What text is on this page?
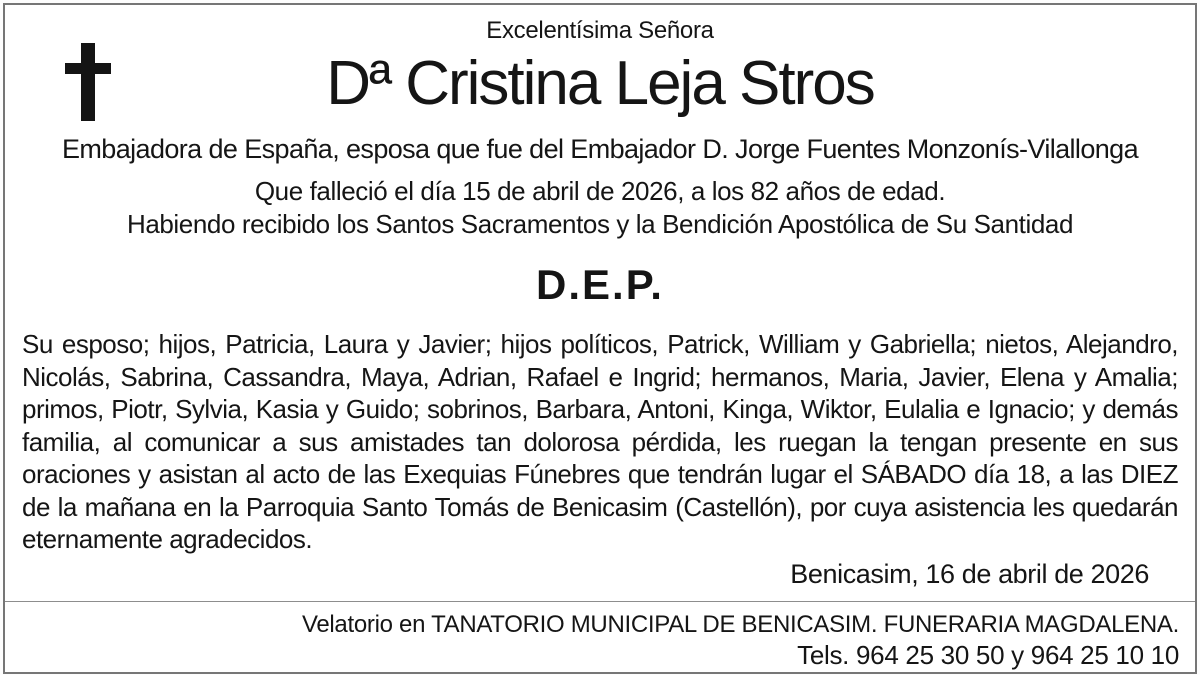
Excelentísima Señora
Dª Cristina Leja Stros
Embajadora de España, esposa que fue del Embajador D. Jorge Fuentes Monzonís-Vilallonga
Que falleció el día 15 de abril de 2026, a los 82 años de edad.
Habiendo recibido los Santos Sacramentos y la Bendición Apostólica de Su Santidad
D.E.P.

Su esposo; hijos, Patricia, Laura y Javier; hijos políticos, Patrick, William y Gabriella; nietos, Alejandro, Nicolás, Sabrina, Cassandra, Maya, Adrian, Rafael e Ingrid; hermanos, Maria, Javier, Elena y Amalia; primos, Piotr, Sylvia, Kasia y Guido; sobrinos, Barbara, Antoni, Kinga, Wiktor, Eulalia e Ignacio; y demás familia, al comunicar a sus amistades tan dolorosa pérdida, les ruegan la tengan presente en sus oraciones y asistan al acto de las Exequias Fúnebres que tendrán lugar el SÁBADO día 18, a las DIEZ de la mañana en la Parroquia Santo Tomás de Benicasim (Castellón), por cuya asistencia les quedarán eternamente agradecidos.

Benicasim, 16 de abril de 2026
Velatorio en TANATORIO MUNICIPAL DE BENICASIM. FUNERARIA MAGDALENA.
Tels. 964 25 30 50 y 964 25 10 10
